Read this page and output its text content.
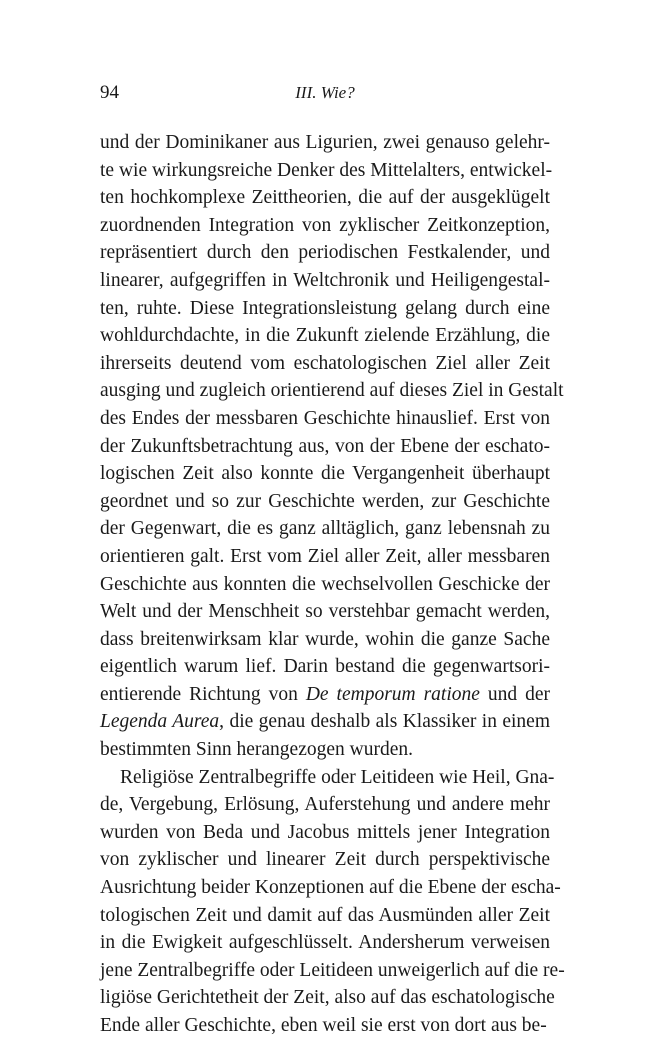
94	III. Wie?
und der Dominikaner aus Ligurien, zwei genauso gelehr-
te wie wirkungsreiche Denker des Mittelalters, entwickel-
ten hochkomplexe Zeittheorien, die auf der ausgeklügelt
zuordnenden Integration von zyklischer Zeitkonzeption,
repräsentiert durch den periodischen Festkalender, und
linearer, aufgegriffen in Weltchronik und Heiligengestal-
ten, ruhte. Diese Integrationsleistung gelang durch eine
wohldurchdachte, in die Zukunft zielende Erzählung, die
ihrerseits deutend vom eschatologischen Ziel aller Zeit
ausging und zugleich orientierend auf dieses Ziel in Gestalt
des Endes der messbaren Geschichte hinauslief. Erst von
der Zukunftsbetrachtung aus, von der Ebene der eschato-
logischen Zeit also konnte die Vergangenheit überhaupt
geordnet und so zur Geschichte werden, zur Geschichte
der Gegenwart, die es ganz alltäglich, ganz lebensnah zu
orientieren galt. Erst vom Ziel aller Zeit, aller messbaren
Geschichte aus konnten die wechselvollen Geschicke der
Welt und der Menschheit so verstehbar gemacht werden,
dass breitenwirksam klar wurde, wohin die ganze Sache
eigentlich warum lief. Darin bestand die gegenwartsori-
entierende Richtung von De temporum ratione und der
Legenda Aurea, die genau deshalb als Klassiker in einem
bestimmten Sinn herangezogen wurden.
Religiöse Zentralbegriffe oder Leitideen wie Heil, Gna-
de, Vergebung, Erlösung, Auferstehung und andere mehr
wurden von Beda und Jacobus mittels jener Integration
von zyklischer und linearer Zeit durch perspektivische
Ausrichtung beider Konzeptionen auf die Ebene der escha-
tologischen Zeit und damit auf das Ausmünden aller Zeit
in die Ewigkeit aufgeschlüsselt. Andersherum verweisen
jene Zentralbegriffe oder Leitideen unweigerlich auf die re-
ligiöse Gerichtetheit der Zeit, also auf das eschatologische
Ende aller Geschichte, eben weil sie erst von dort aus be-
